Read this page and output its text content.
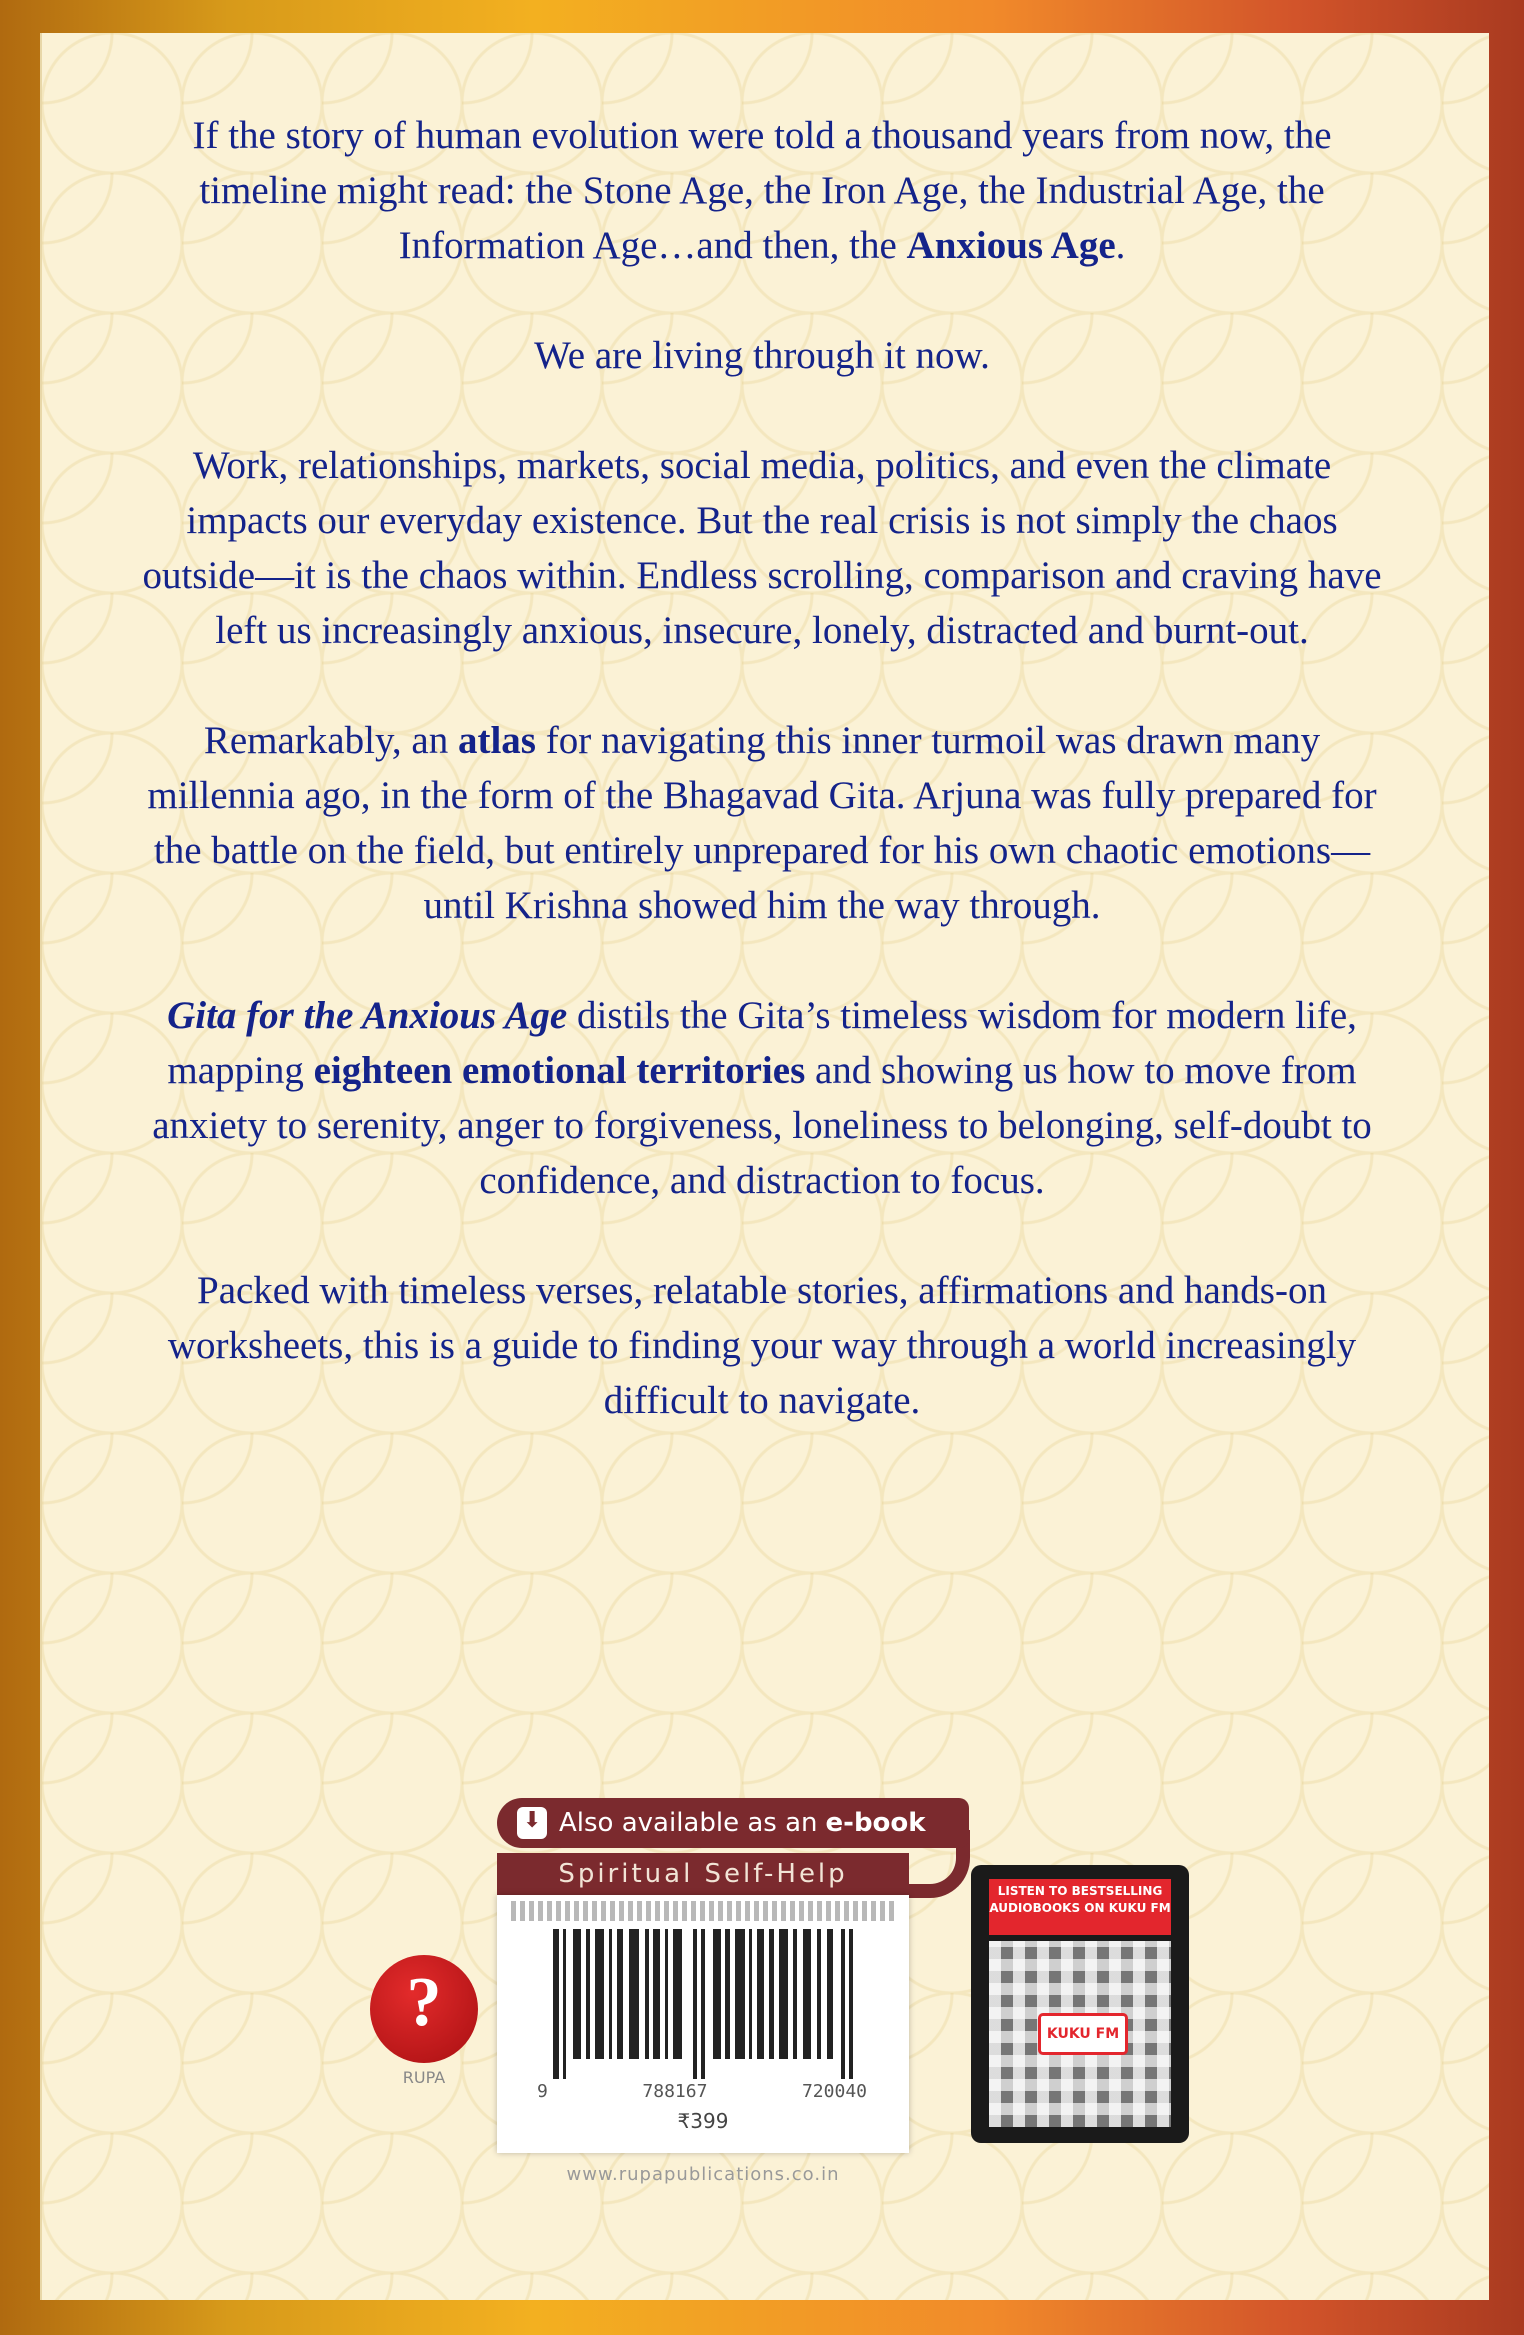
If the story of human evolution were told a thousand years from now, the timeline might read: the Stone Age, the Iron Age, the Industrial Age, the Information Age…and then, the Anxious Age.

We are living through it now.

Work, relationships, markets, social media, politics, and even the climate impacts our everyday existence. But the real crisis is not simply the chaos outside—it is the chaos within. Endless scrolling, comparison and craving have left us increasingly anxious, insecure, lonely, distracted and burnt-out.

Remarkably, an atlas for navigating this inner turmoil was drawn many millennia ago, in the form of the Bhagavad Gita. Arjuna was fully prepared for the battle on the field, but entirely unprepared for his own chaotic emotions—until Krishna showed him the way through.

Gita for the Anxious Age distils the Gita’s timeless wisdom for modern life, mapping eighteen emotional territories and showing us how to move from anxiety to serenity, anger to forgiveness, loneliness to belonging, self-doubt to confidence, and distraction to focus.

Packed with timeless verses, relatable stories, affirmations and hands-on worksheets, this is a guide to finding your way through a world increasingly difficult to navigate.

⬇
Also available as an e-book
Spiritual Self-Help
9	788167	720040
₹399
www.rupapublications.co.in
?
RUPA
LISTEN TO BESTSELLING AUDIOBOOKS ON KUKU FM
KUKU FM
